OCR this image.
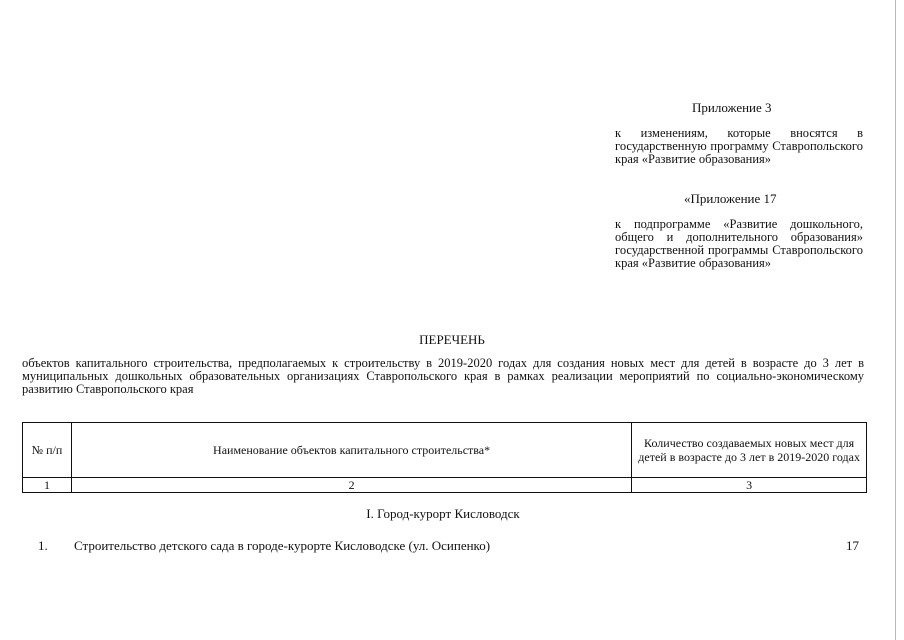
Приложение 3
к изменениям, которые вносятся в государственную программу Ставропольского края «Развитие образования»
«Приложение 17
к подпрограмме «Развитие дошкольного, общего и дополнительного образования» государственной программы Ставропольского края «Развитие образования»
ПЕРЕЧЕНЬ
объектов капитального строительства, предполагаемых к строительству в 2019-2020 годах для создания новых мест для детей в возрасте до 3 лет в муниципальных дошкольных образовательных организациях Ставропольского края в рамках реализации мероприятий по социально-экономическому развитию Ставропольского края
№ п/п	Наименование объектов капитального строительства*	Количество создаваемых новых мест для детей в возрасте до 3 лет в 2019-2020 годах
1	2	3
I. Город-курорт Кисловодск
1. Строительство детского сада в городе-курорте Кисловодске (ул. Осипенко)	17
